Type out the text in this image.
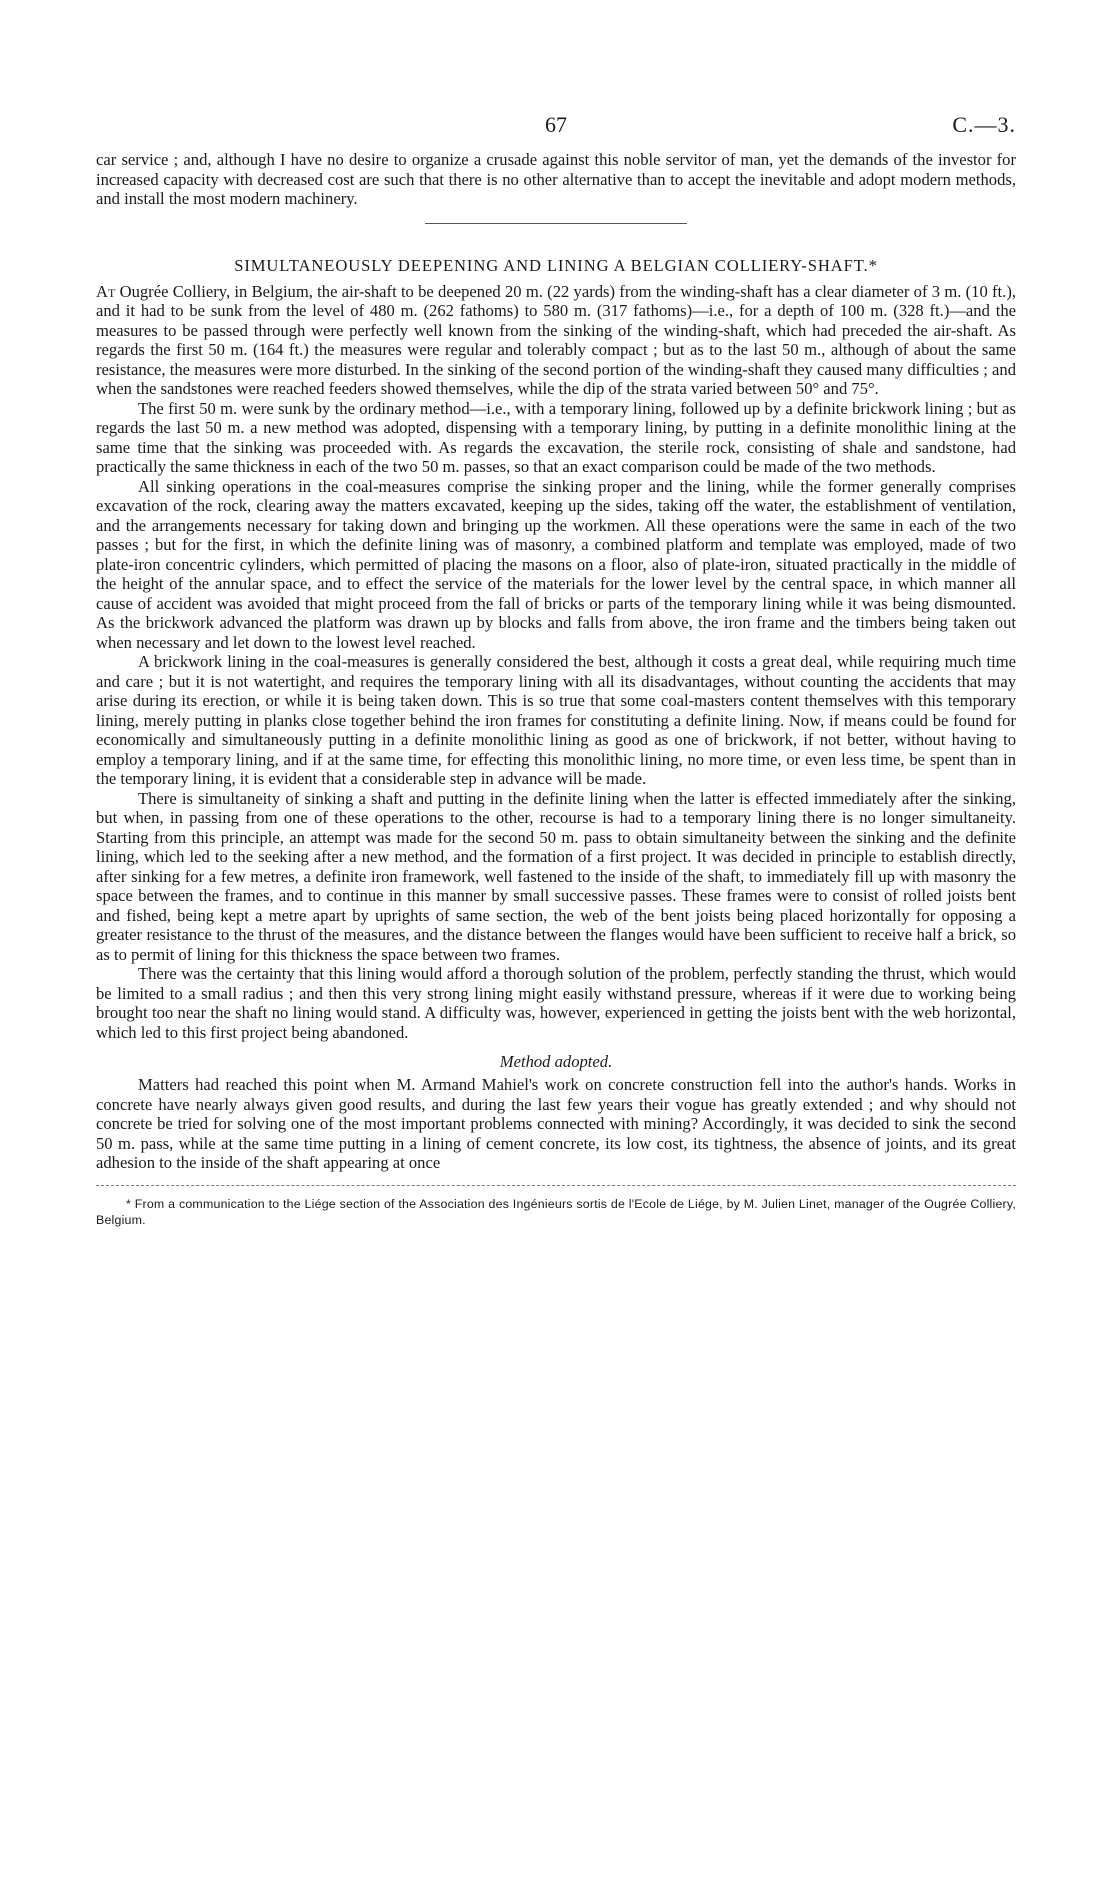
67	C.—3.

car service ; and, although I have no desire to organize a crusade against this noble servitor of man, yet the demands of the investor for increased capacity with decreased cost are such that there is no other alternative than to accept the inevitable and adopt modern methods, and install the most modern machinery.

SIMULTANEOUSLY DEEPENING AND LINING A BELGIAN COLLIERY-SHAFT.*

At Ougrée Colliery, in Belgium, the air-shaft to be deepened 20 m. (22 yards) from the winding-shaft has a clear diameter of 3 m. (10 ft.), and it had to be sunk from the level of 480 m. (262 fathoms) to 580 m. (317 fathoms)—i.e., for a depth of 100 m. (328 ft.)—and the measures to be passed through were perfectly well known from the sinking of the winding-shaft, which had preceded the air-shaft. As regards the first 50 m. (164 ft.) the measures were regular and tolerably compact ; but as to the last 50 m., although of about the same resistance, the measures were more disturbed. In the sinking of the second portion of the winding-shaft they caused many difficulties ; and when the sandstones were reached feeders showed themselves, while the dip of the strata varied between 50° and 75°.

The first 50 m. were sunk by the ordinary method—i.e., with a temporary lining, followed up by a definite brickwork lining ; but as regards the last 50 m. a new method was adopted, dispensing with a temporary lining, by putting in a definite monolithic lining at the same time that the sinking was proceeded with. As regards the excavation, the sterile rock, consisting of shale and sandstone, had practically the same thickness in each of the two 50 m. passes, so that an exact comparison could be made of the two methods.

All sinking operations in the coal-measures comprise the sinking proper and the lining, while the former generally comprises excavation of the rock, clearing away the matters excavated, keeping up the sides, taking off the water, the establishment of ventilation, and the arrangements necessary for taking down and bringing up the workmen. All these operations were the same in each of the two passes ; but for the first, in which the definite lining was of masonry, a combined platform and template was employed, made of two plate-iron concentric cylinders, which permitted of placing the masons on a floor, also of plate-iron, situated practically in the middle of the height of the annular space, and to effect the service of the materials for the lower level by the central space, in which manner all cause of accident was avoided that might proceed from the fall of bricks or parts of the temporary lining while it was being dismounted. As the brickwork advanced the platform was drawn up by blocks and falls from above, the iron frame and the timbers being taken out when necessary and let down to the lowest level reached.

A brickwork lining in the coal-measures is generally considered the best, although it costs a great deal, while requiring much time and care ; but it is not watertight, and requires the temporary lining with all its disadvantages, without counting the accidents that may arise during its erection, or while it is being taken down. This is so true that some coal-masters content themselves with this temporary lining, merely putting in planks close together behind the iron frames for constituting a definite lining. Now, if means could be found for economically and simultaneously putting in a definite monolithic lining as good as one of brickwork, if not better, without having to employ a temporary lining, and if at the same time, for effecting this monolithic lining, no more time, or even less time, be spent than in the temporary lining, it is evident that a considerable step in advance will be made.

There is simultaneity of sinking a shaft and putting in the definite lining when the latter is effected immediately after the sinking, but when, in passing from one of these operations to the other, recourse is had to a temporary lining there is no longer simultaneity. Starting from this principle, an attempt was made for the second 50 m. pass to obtain simultaneity between the sinking and the definite lining, which led to the seeking after a new method, and the formation of a first project. It was decided in principle to establish directly, after sinking for a few metres, a definite iron framework, well fastened to the inside of the shaft, to immediately fill up with masonry the space between the frames, and to continue in this manner by small successive passes. These frames were to consist of rolled joists bent and fished, being kept a metre apart by uprights of same section, the web of the bent joists being placed horizontally for opposing a greater resistance to the thrust of the measures, and the distance between the flanges would have been sufficient to receive half a brick, so as to permit of lining for this thickness the space between two frames.

There was the certainty that this lining would afford a thorough solution of the problem, perfectly standing the thrust, which would be limited to a small radius ; and then this very strong lining might easily withstand pressure, whereas if it were due to working being brought too near the shaft no lining would stand. A difficulty was, however, experienced in getting the joists bent with the web horizontal, which led to this first project being abandoned.

Method adopted.

Matters had reached this point when M. Armand Mahiel's work on concrete construction fell into the author's hands. Works in concrete have nearly always given good results, and during the last few years their vogue has greatly extended ; and why should not concrete be tried for solving one of the most important problems connected with mining? Accordingly, it was decided to sink the second 50 m. pass, while at the same time putting in a lining of cement concrete, its low cost, its tightness, the absence of joints, and its great adhesion to the inside of the shaft appearing at once

* From a communication to the Liége section of the Association des Ingénieurs sortis de l'Ecole de Liége, by M. Julien Linet, manager of the Ougrée Colliery, Belgium.
